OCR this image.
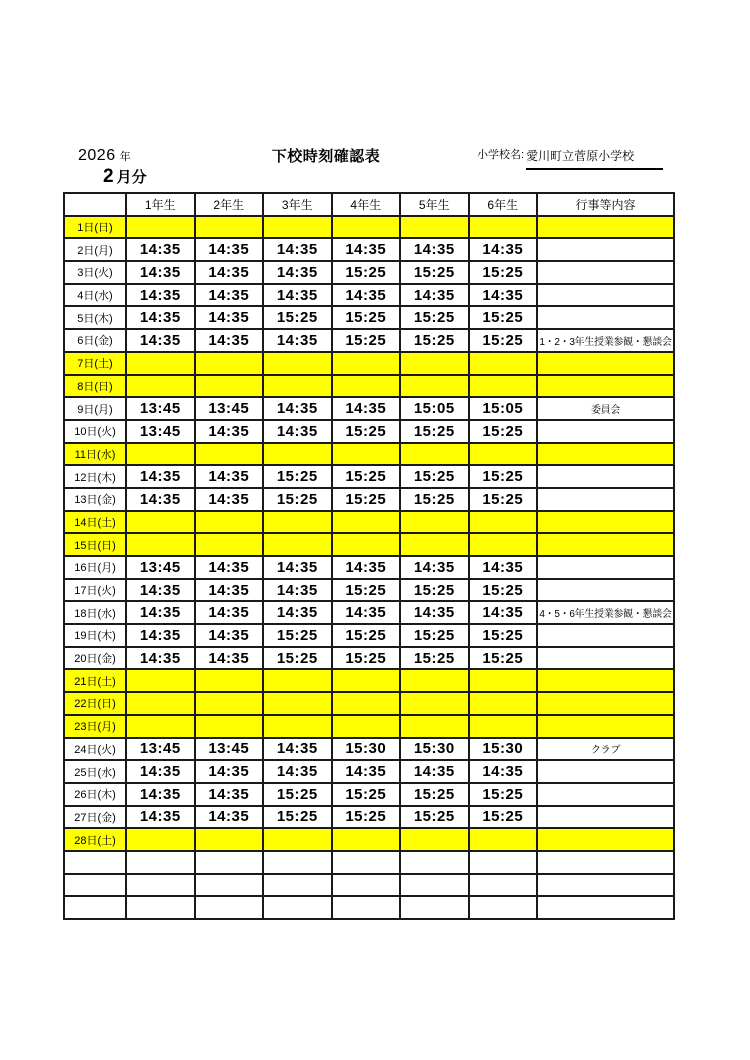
2026 年
2 月分
下校時刻確認表	$^{小学校名:}$ 愛川町立菅原小学校
	1年生	2年生	3年生	4年生	5年生	6年生	行事等内容
1日(日)							
2日(月)	14:35	14:35	14:35	14:35	14:35	14:35	
3日(火)	14:35	14:35	14:35	15:25	15:25	15:25	
4日(水)	14:35	14:35	14:35	14:35	14:35	14:35	
5日(木)	14:35	14:35	15:25	15:25	15:25	15:25	
6日(金)	14:35	14:35	14:35	15:25	15:25	15:25	1・2・3年生授業参観・懇談会
7日(土)							
8日(日)							
9日(月)	13:45	13:45	14:35	14:35	15:05	15:05	委員会
10日(火)	13:45	14:35	14:35	15:25	15:25	15:25	
11日(水)							
12日(木)	14:35	14:35	15:25	15:25	15:25	15:25	
13日(金)	14:35	14:35	15:25	15:25	15:25	15:25	
14日(土)							
15日(日)							
16日(月)	13:45	14:35	14:35	14:35	14:35	14:35	
17日(火)	14:35	14:35	14:35	15:25	15:25	15:25	
18日(水)	14:35	14:35	14:35	14:35	14:35	14:35	4・5・6年生授業参観・懇談会
19日(木)	14:35	14:35	15:25	15:25	15:25	15:25	
20日(金)	14:35	14:35	15:25	15:25	15:25	15:25	
21日(土)							
22日(日)							
23日(月)							
24日(火)	13:45	13:45	14:35	15:30	15:30	15:30	クラブ
25日(水)	14:35	14:35	14:35	14:35	14:35	14:35	
26日(木)	14:35	14:35	15:25	15:25	15:25	15:25	
27日(金)	14:35	14:35	15:25	15:25	15:25	15:25	
28日(土)							
